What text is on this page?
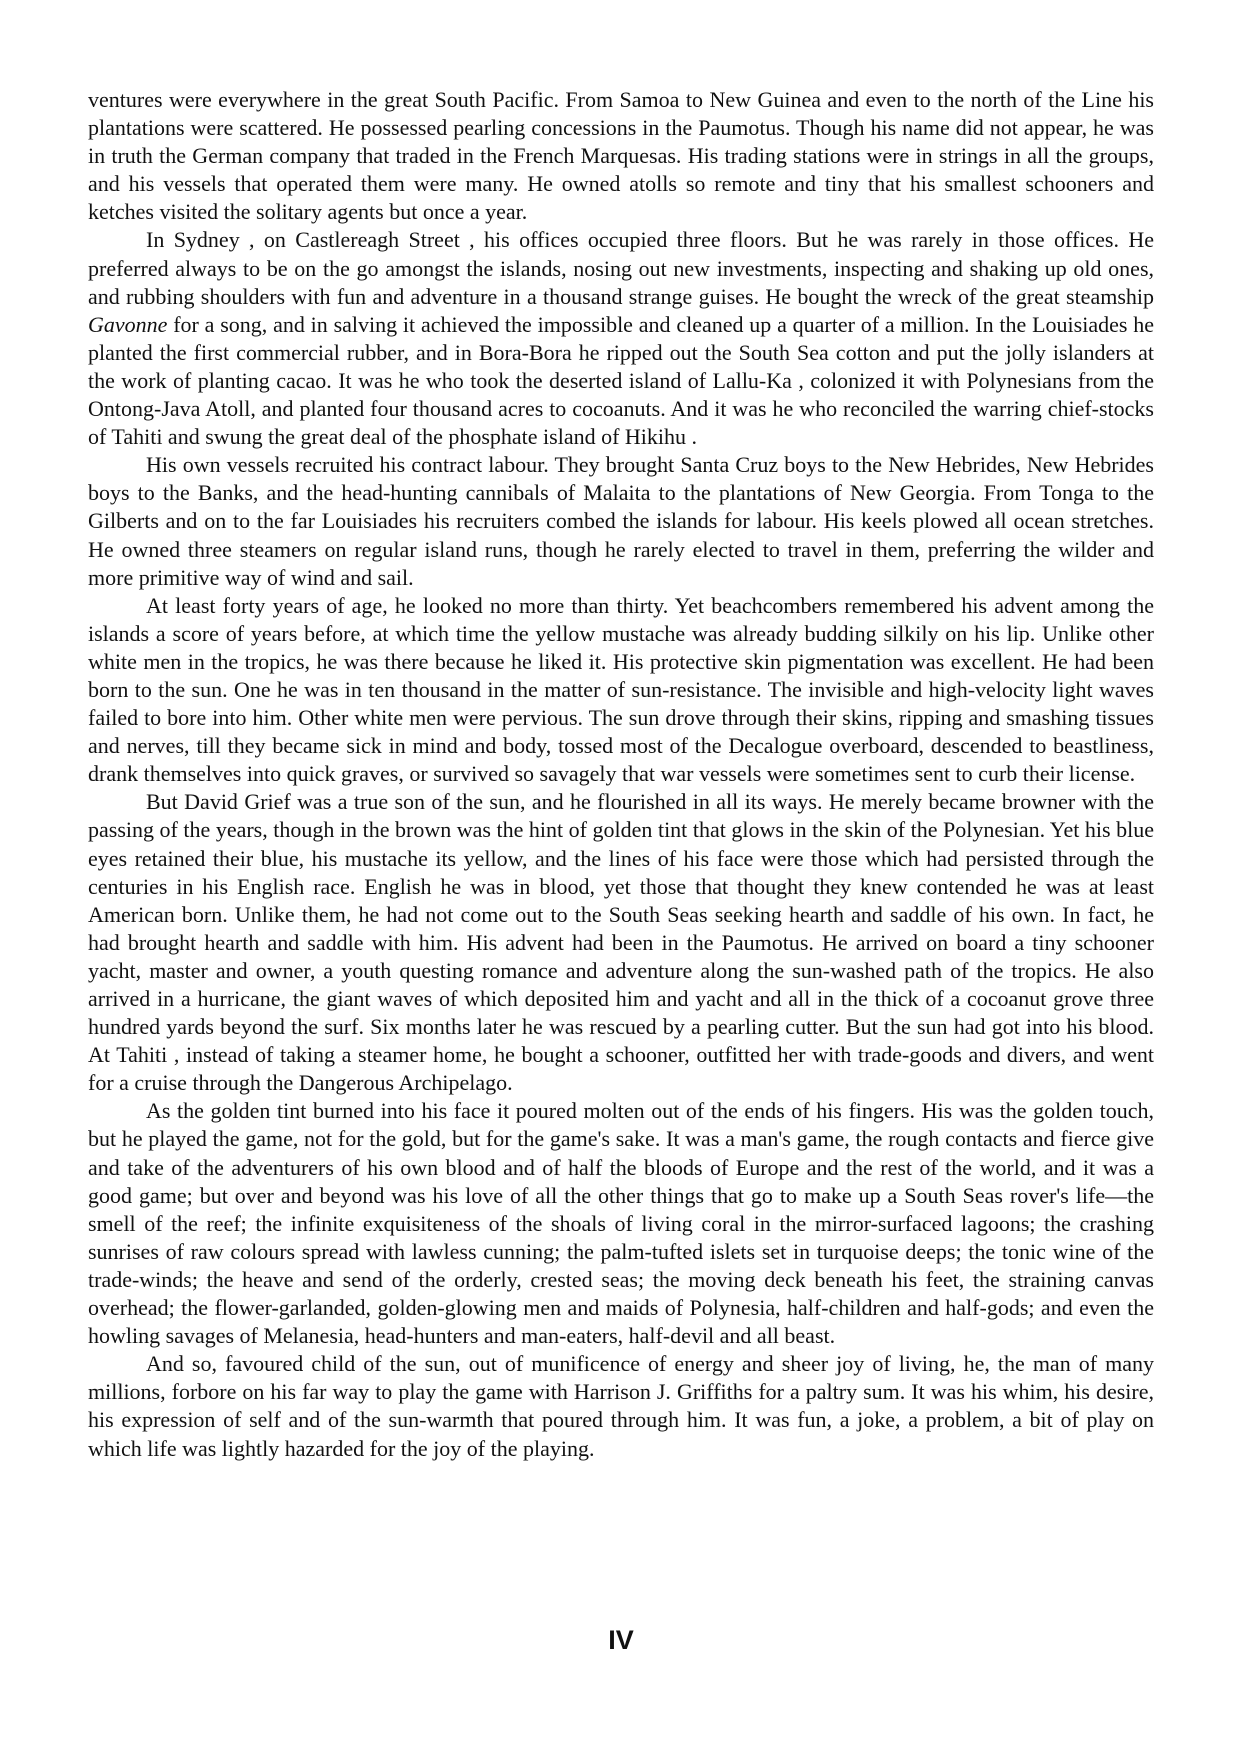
ventures were everywhere in the great South Pacific. From Samoa to New Guinea and even to the north of the Line his plantations were scattered. He possessed pearling concessions in the Paumotus. Though his name did not appear, he was in truth the German company that traded in the French Marquesas. His trading stations were in strings in all the groups, and his vessels that operated them were many. He owned atolls so remote and tiny that his smallest schooners and ketches visited the solitary agents but once a year.

In Sydney , on Castlereagh Street , his offices occupied three floors. But he was rarely in those offices. He preferred always to be on the go amongst the islands, nosing out new investments, inspecting and shaking up old ones, and rubbing shoulders with fun and adventure in a thousand strange guises. He bought the wreck of the great steamship Gavonne for a song, and in salving it achieved the impossible and cleaned up a quarter of a million. In the Louisiades he planted the first commercial rubber, and in Bora-Bora he ripped out the South Sea cotton and put the jolly islanders at the work of planting cacao. It was he who took the deserted island of Lallu-Ka , colonized it with Polynesians from the Ontong-Java Atoll, and planted four thousand acres to cocoanuts. And it was he who reconciled the warring chief-stocks of Tahiti and swung the great deal of the phosphate island of Hikihu .

His own vessels recruited his contract labour. They brought Santa Cruz boys to the New Hebrides, New Hebrides boys to the Banks, and the head-hunting cannibals of Malaita to the plantations of New Georgia. From Tonga to the Gilberts and on to the far Louisiades his recruiters combed the islands for labour. His keels plowed all ocean stretches. He owned three steamers on regular island runs, though he rarely elected to travel in them, preferring the wilder and more primitive way of wind and sail.

At least forty years of age, he looked no more than thirty. Yet beachcombers remembered his advent among the islands a score of years before, at which time the yellow mustache was already budding silkily on his lip. Unlike other white men in the tropics, he was there because he liked it. His protective skin pigmentation was excellent. He had been born to the sun. One he was in ten thousand in the matter of sun-resistance. The invisible and high-velocity light waves failed to bore into him. Other white men were pervious. The sun drove through their skins, ripping and smashing tissues and nerves, till they became sick in mind and body, tossed most of the Decalogue overboard, descended to beastliness, drank themselves into quick graves, or survived so savagely that war vessels were sometimes sent to curb their license.

But David Grief was a true son of the sun, and he flourished in all its ways. He merely became browner with the passing of the years, though in the brown was the hint of golden tint that glows in the skin of the Polynesian. Yet his blue eyes retained their blue, his mustache its yellow, and the lines of his face were those which had persisted through the centuries in his English race. English he was in blood, yet those that thought they knew contended he was at least American born. Unlike them, he had not come out to the South Seas seeking hearth and saddle of his own. In fact, he had brought hearth and saddle with him. His advent had been in the Paumotus. He arrived on board a tiny schooner yacht, master and owner, a youth questing romance and adventure along the sun-washed path of the tropics. He also arrived in a hurricane, the giant waves of which deposited him and yacht and all in the thick of a cocoanut grove three hundred yards beyond the surf. Six months later he was rescued by a pearling cutter. But the sun had got into his blood. At Tahiti , instead of taking a steamer home, he bought a schooner, outfitted her with trade-goods and divers, and went for a cruise through the Dangerous Archipelago.

As the golden tint burned into his face it poured molten out of the ends of his fingers. His was the golden touch, but he played the game, not for the gold, but for the game's sake. It was a man's game, the rough contacts and fierce give and take of the adventurers of his own blood and of half the bloods of Europe and the rest of the world, and it was a good game; but over and beyond was his love of all the other things that go to make up a South Seas rover's life—the smell of the reef; the infinite exquisiteness of the shoals of living coral in the mirror-surfaced lagoons; the crashing sunrises of raw colours spread with lawless cunning; the palm-tufted islets set in turquoise deeps; the tonic wine of the trade-winds; the heave and send of the orderly, crested seas; the moving deck beneath his feet, the straining canvas overhead; the flower-garlanded, golden-glowing men and maids of Polynesia, half-children and half-gods; and even the howling savages of Melanesia, head-hunters and man-eaters, half-devil and all beast.

And so, favoured child of the sun, out of munificence of energy and sheer joy of living, he, the man of many millions, forbore on his far way to play the game with Harrison J. Griffiths for a paltry sum. It was his whim, his desire, his expression of self and of the sun-warmth that poured through him. It was fun, a joke, a problem, a bit of play on which life was lightly hazarded for the joy of the playing.

IV
